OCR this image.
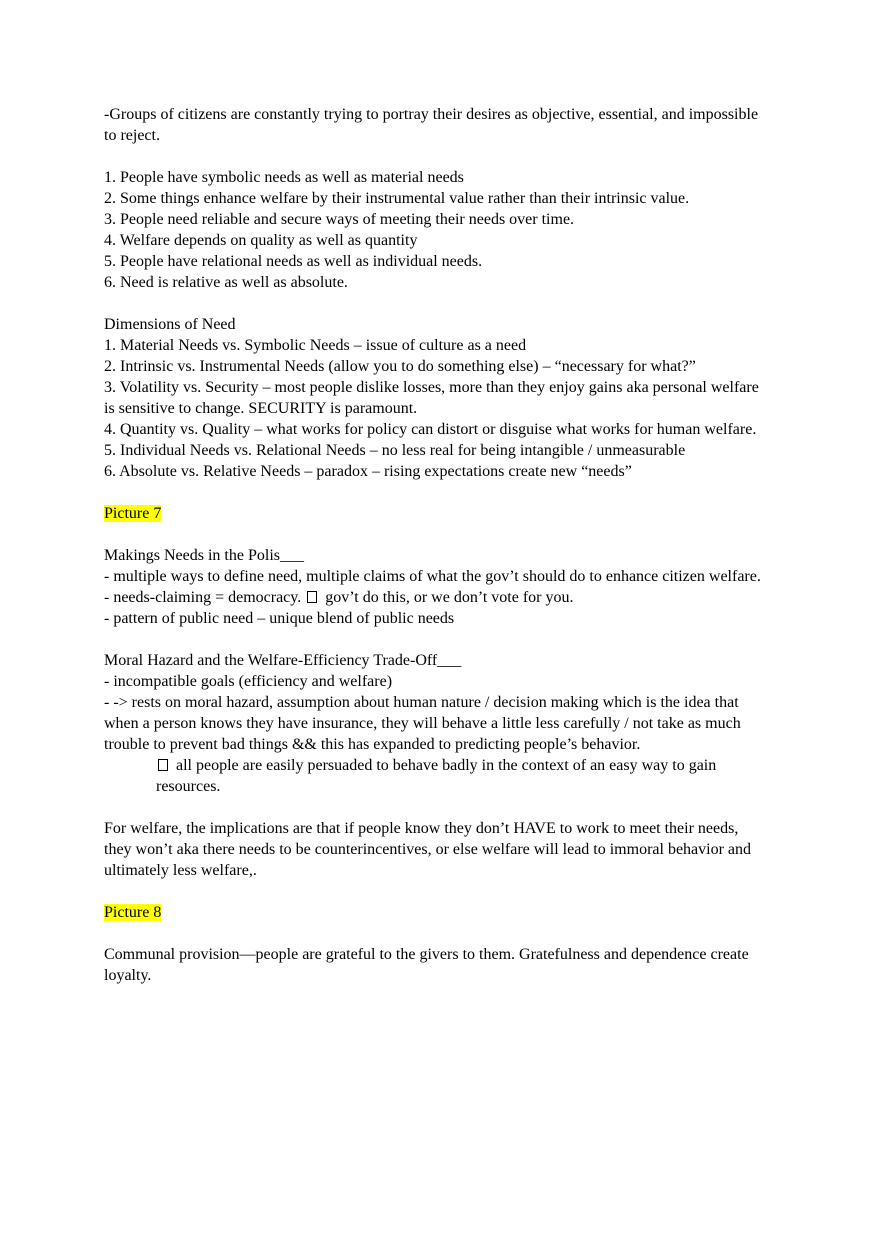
-Groups of citizens are constantly trying to portray their desires as objective, essential, and impossible to reject.

1. People have symbolic needs as well as material needs

2. Some things enhance welfare by their instrumental value rather than their intrinsic value.

3. People need reliable and secure ways of meeting their needs over time.

4. Welfare depends on quality as well as quantity

5. People have relational needs as well as individual needs.

6. Need is relative as well as absolute.

Dimensions of Need

1. Material Needs vs. Symbolic Needs – issue of culture as a need

2. Intrinsic vs. Instrumental Needs (allow you to do something else) – “necessary for what?”

3. Volatility vs. Security – most people dislike losses, more than they enjoy gains aka personal welfare is sensitive to change. SECURITY is paramount.

4. Quantity vs. Quality – what works for policy can distort or disguise what works for human welfare.

5. Individual Needs vs. Relational Needs – no less real for being intangible / unmeasurable

6. Absolute vs. Relative Needs – paradox – rising expectations create new “needs”

Picture 7

Makings Needs in the Polis___

- multiple ways to define need, multiple claims of what the gov’t should do to enhance citizen welfare.

- needs-claiming = democracy.  gov’t do this, or we don’t vote for you.

- pattern of public need – unique blend of public needs

Moral Hazard and the Welfare-Efficiency Trade-Off___

- incompatible goals (efficiency and welfare)

- -> rests on moral hazard, assumption about human nature / decision making which is the idea that when a person knows they have insurance, they will behave a little less carefully / not take as much trouble to prevent bad things && this has expanded to predicting people’s behavior.

all people are easily persuaded to behave badly in the context of an easy way to gain resources.

For welfare, the implications are that if people know they don’t HAVE to work to meet their needs, they won’t aka there needs to be counterincentives, or else welfare will lead to immoral behavior and ultimately less welfare,.

Picture 8

Communal provision—people are grateful to the givers to them. Gratefulness and dependence create loyalty.
